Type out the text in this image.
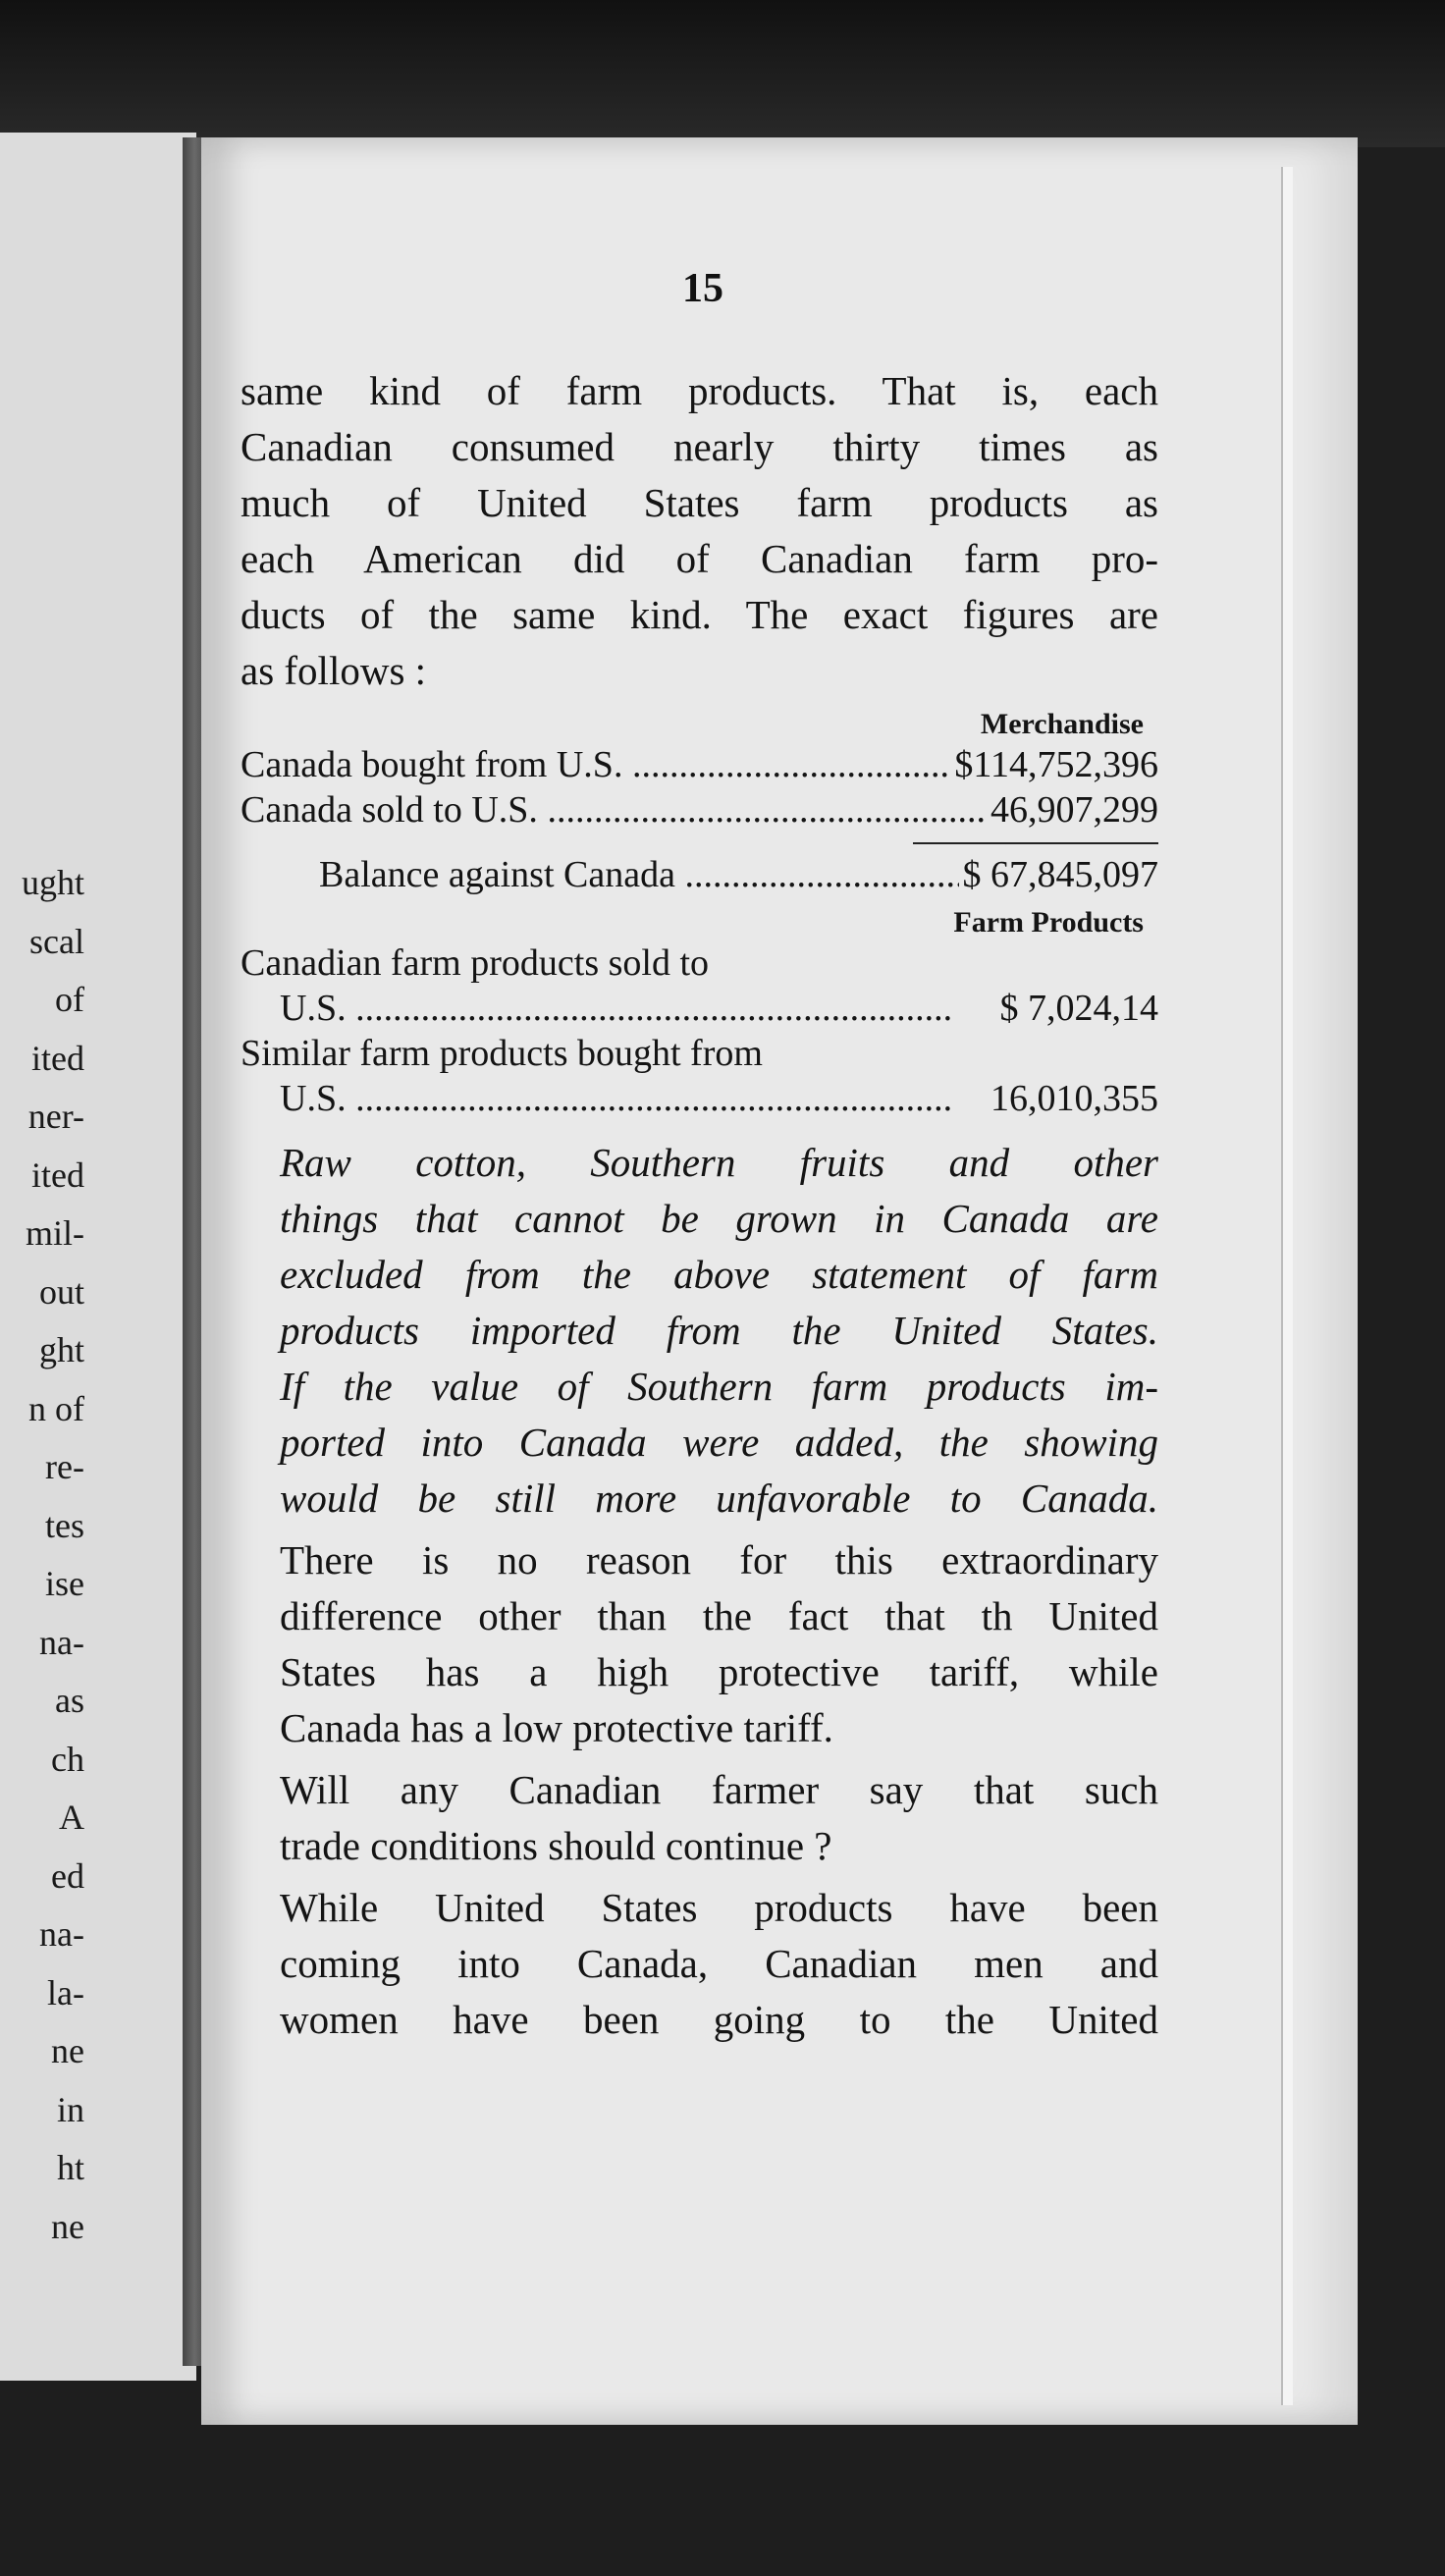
ught
scal
of
ited
ner-
ited
mil-
out
ght
n of
re-
tes
ise
na-
as
ch
A
ed
na-
la-
ne
in
ht
ne
15

same kind of farm products. That is, each
Canadian consumed nearly thirty times as
much of United States farm products as
each American did of Canadian farm pro-
ducts of the same kind. The exact figures are
as follows :

Merchandise
Canada bought from U.S. .....	$114,752,396
Canada sold to U.S. .....	46,907,299
Balance against Canada .....	$ 67,845,097
Farm Products
Canadian farm products sold to
U.S. .....	$ 7,024,14
Similar farm products bought from
U.S. .....	16,010,355

Raw cotton, Southern fruits and other
things that cannot be grown in Canada are
excluded from the above statement of farm
products imported from the United States.
If the value of Southern farm products im-
ported into Canada were added, the showing
would be still more unfavorable to Canada.

There is no reason for this extraordinary
difference other than the fact that th United
States has a high protective tariff, while
Canada has a low protective tariff.

Will any Canadian farmer say that such
trade conditions should continue ?

While United States products have been
coming into Canada, Canadian men and
women have been going to the United
